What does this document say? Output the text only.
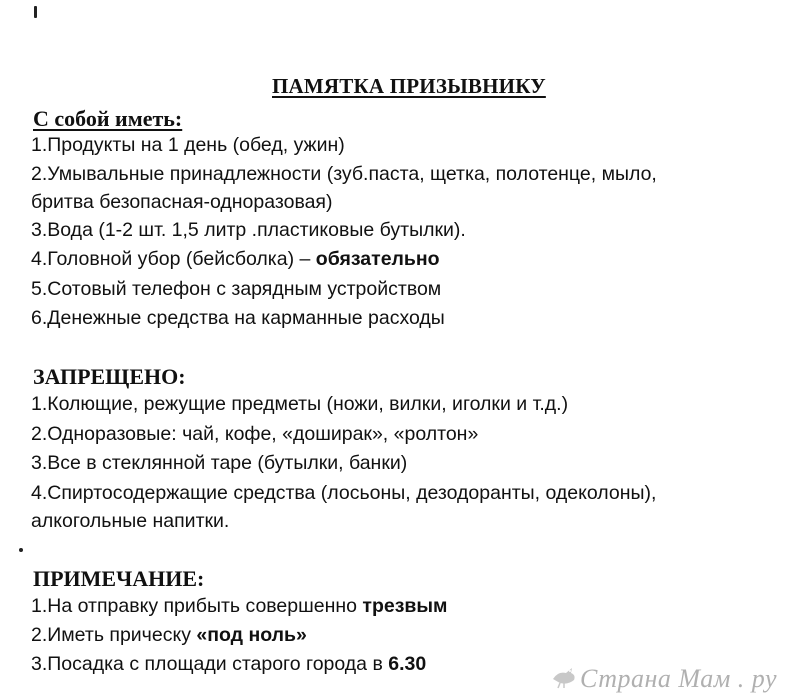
ПАМЯТКА ПРИЗЫВНИКУ
С собой иметь:
1.Продукты на 1 день (обед, ужин)
2.Умывальные принадлежности (зуб.паста, щетка, полотенце, мыло,
бритва безопасная-одноразовая)
3.Вода (1-2 шт. 1,5 литр .пластиковые бутылки).
4.Головной убор (бейсболка) – обязательно
5.Сотовый телефон с зарядным устройством
6.Денежные средства на карманные расходы
ЗАПРЕЩЕНО:
1.Колющие, режущие предметы (ножи, вилки, иголки и т.д.)
2.Одноразовые: чай, кофе, «доширак», «ролтон»
3.Все в стеклянной таре (бутылки, банки)
4.Спиртосодержащие средства (лосьоны, дезодоранты, одеколоны),
алкогольные напитки.
ПРИМЕЧАНИЕ:
1.На отправку прибыть совершенно трезвым
2.Иметь прическу «под ноль»
3.Посадка с площади старого города в 6.30	Страна Мам . ру
